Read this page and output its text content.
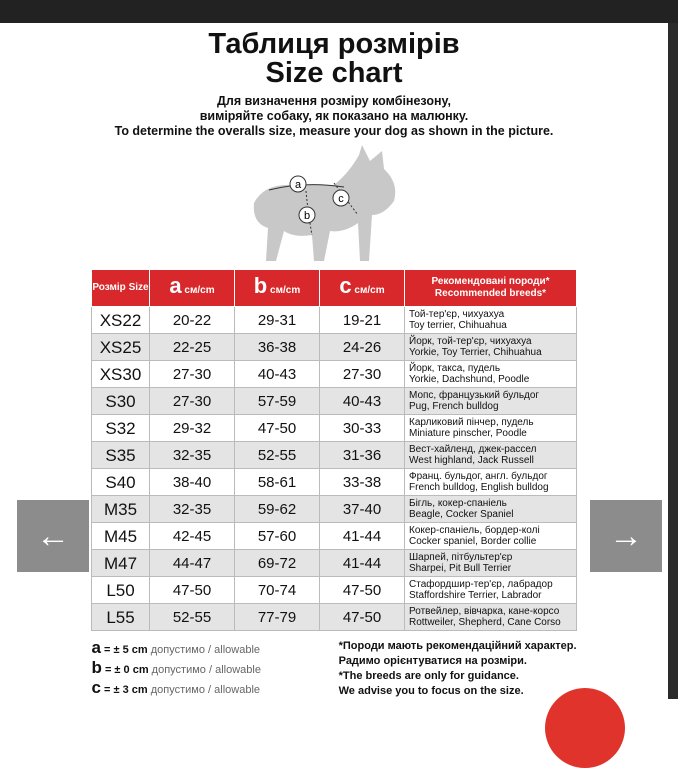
Таблиця розмірів
Size chart
Для визначення розміру комбінезону,
виміряйте собаку, як показано на малюнку.
To determine the overalls size, measure your dog as shown in the picture.
a
b
c
Розмір Size	a см/cm	b см/cm	c см/cm	Рекомендовані породи*
Recommended breeds*

XS22	20-22	29-31	19-21	Той-тер'єр, чихуахуа
Toy terrier, Chihuahua

XS25	22-25	36-38	24-26	Йорк, той-тер'єр, чихуахуа
Yorkie, Toy Terrier, Chihuahua

XS30	27-30	40-43	27-30	Йорк, такса, пудель
Yorkie, Dachshund, Poodle

S30	27-30	57-59	40-43	Мопс, французький бульдог
Pug, French bulldog

S32	29-32	47-50	30-33	Карликовий пінчер, пудель
Miniature pinscher, Poodle

S35	32-35	52-55	31-36	Вест-хайленд, джек-рассел
West highland, Jack Russell

S40	38-40	58-61	33-38	Франц. бульдог, англ. бульдог
French bulldog, English bulldog

M35	32-35	59-62	37-40	Бігль, кокер-спаніель
Beagle, Cocker Spaniel

M45	42-45	57-60	41-44	Кокер-спаніель, бордер-колі
Cocker spaniel, Border collie

M47	44-47	69-72	41-44	Шарпей, пітбультер'єр
Sharpei, Pit Bull Terrier

L50	47-50	70-74	47-50	Стафордшир-тер'єр, лабрадор
Staffordshire Terrier, Labrador

L55	52-55	77-79	47-50	Ротвейлер, вівчарка, кане-корсо
Rottweiler, Shepherd, Cane Corso
a = ± 5 cm допустимо / allowable
b = ± 0 cm допустимо / allowable
c = ± 3 cm допустимо / allowable
*Породи мають рекомендаційний характер.
Радимо орієнтуватися на розміри.
*The breeds are only for guidance.
We advise you to focus on the size.
←	→
